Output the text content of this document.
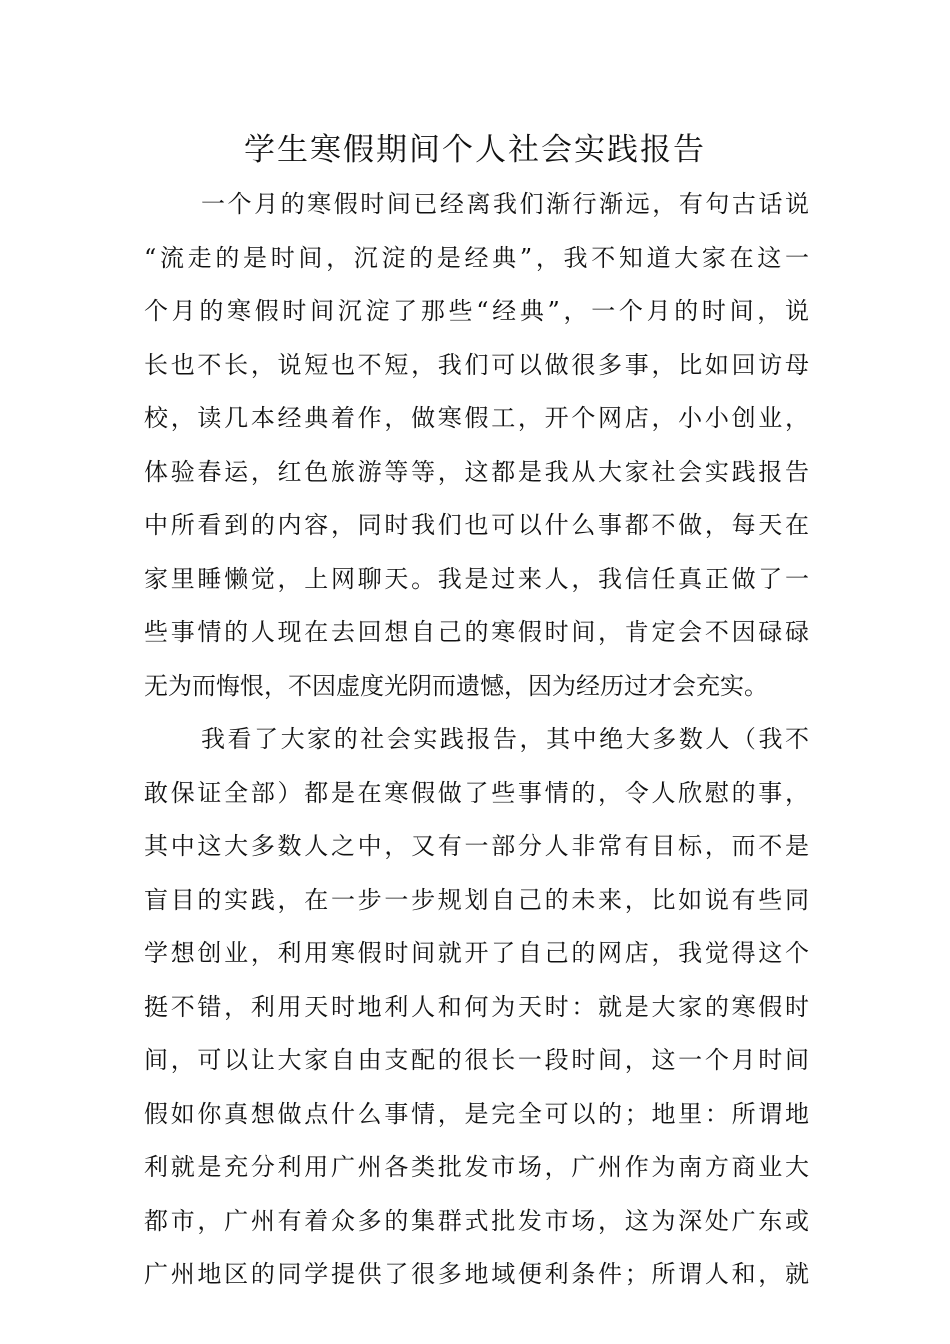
学生寒假期间个人社会实践报告
一个月的寒假时间已经离我们渐行渐远，有句古话说
“流走的是时间，沉淀的是经典”，我不知道大家在这一
个月的寒假时间沉淀了那些“经典”，一个月的时间，说
长也不长，说短也不短，我们可以做很多事，比如回访母
校，读几本经典着作，做寒假工，开个网店，小小创业，
体验春运，红色旅游等等，这都是我从大家社会实践报告
中所看到的内容，同时我们也可以什么事都不做，每天在
家里睡懒觉，上网聊天。我是过来人，我信任真正做了一
些事情的人现在去回想自己的寒假时间，肯定会不因碌碌
无为而悔恨，不因虚度光阴而遗憾，因为经历过才会充实。
我看了大家的社会实践报告，其中绝大多数人（我不
敢保证全部）都是在寒假做了些事情的，令人欣慰的事，
其中这大多数人之中，又有一部分人非常有目标，而不是
盲目的实践，在一步一步规划自己的未来，比如说有些同
学想创业，利用寒假时间就开了自己的网店，我觉得这个
挺不错，利用天时地利人和何为天时：就是大家的寒假时
间，可以让大家自由支配的很长一段时间，这一个月时间
假如你真想做点什么事情，是完全可以的；地里：所谓地
利就是充分利用广州各类批发市场，广州作为南方商业大
都市，广州有着众多的集群式批发市场，这为深处广东或
广州地区的同学提供了很多地域便利条件；所谓人和，就
